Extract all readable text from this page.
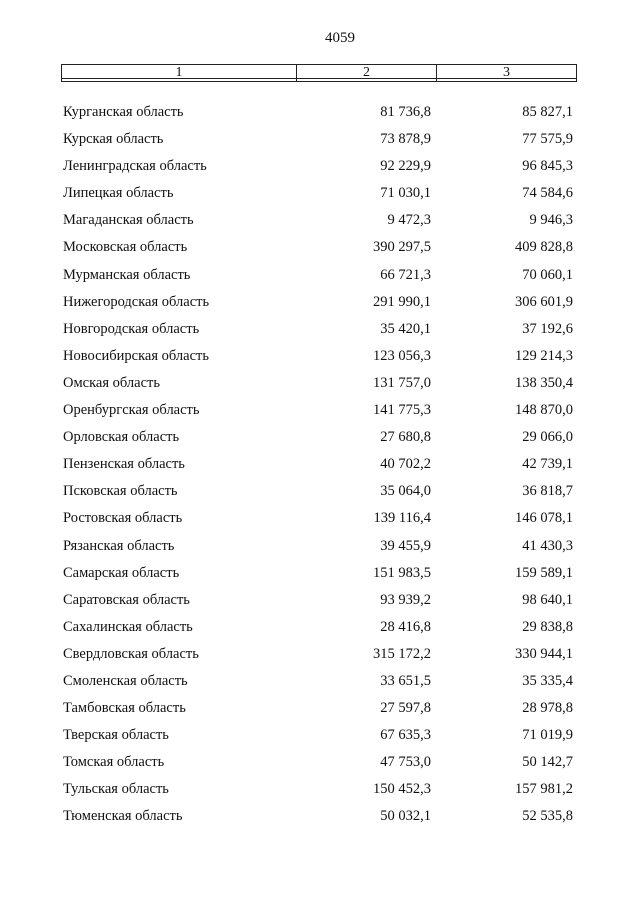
4059
1	2	3
Курганская область	81 736,8	85 827,1
Курская область	73 878,9	77 575,9
Ленинградская область	92 229,9	96 845,3
Липецкая область	71 030,1	74 584,6
Магаданская область	9 472,3	9 946,3
Московская область	390 297,5	409 828,8
Мурманская область	66 721,3	70 060,1
Нижегородская область	291 990,1	306 601,9
Новгородская область	35 420,1	37 192,6
Новосибирская область	123 056,3	129 214,3
Омская область	131 757,0	138 350,4
Оренбургская область	141 775,3	148 870,0
Орловская область	27 680,8	29 066,0
Пензенская область	40 702,2	42 739,1
Псковская область	35 064,0	36 818,7
Ростовская область	139 116,4	146 078,1
Рязанская область	39 455,9	41 430,3
Самарская область	151 983,5	159 589,1
Саратовская область	93 939,2	98 640,1
Сахалинская область	28 416,8	29 838,8
Свердловская область	315 172,2	330 944,1
Смоленская область	33 651,5	35 335,4
Тамбовская область	27 597,8	28 978,8
Тверская область	67 635,3	71 019,9
Томская область	47 753,0	50 142,7
Тульская область	150 452,3	157 981,2
Тюменская область	50 032,1	52 535,8
